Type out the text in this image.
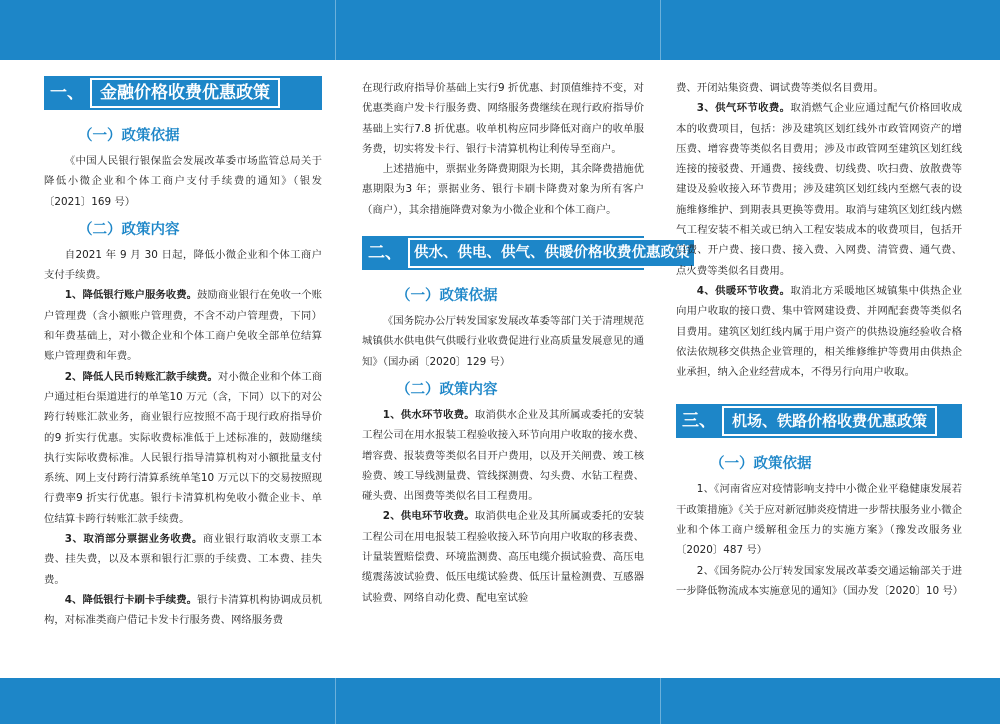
一、 金融价格收费优惠政策
（一）政策依据

《中国人民银行银保监会发展改革委市场监管总局关于降低小微企业和个体工商户支付手续费的通知》（银发〔2021〕169 号）

（二）政策内容

自2021 年 9 月 30 日起，降低小微企业和个体工商户支付手续费。

1、降低银行账户服务收费。鼓励商业银行在免收一个账户管理费（含小额账户管理费，不含不动户管理费，下同）和年费基础上，对小微企业和个体工商户免收全部单位结算账户管理费和年费。

2、降低人民币转账汇款手续费。对小微企业和个体工商户通过柜台渠道进行的单笔10 万元（含，下同）以下的对公跨行转账汇款业务，商业银行应按照不高于现行政府指导价的9 折实行优惠。实际收费标准低于上述标准的，鼓励继续执行实际收费标准。人民银行指导清算机构对小额批量支付系统、网上支付跨行清算系统单笔10 万元以下的交易按照现行费率9 折实行优惠。银行卡清算机构免收小微企业卡、单位结算卡跨行转账汇款手续费。

3、取消部分票据业务收费。商业银行取消收支票工本费、挂失费，以及本票和银行汇票的手续费、工本费、挂失费。

4、降低银行卡刷卡手续费。银行卡清算机构协调成员机构，对标准类商户借记卡发卡行服务费、网络服务费

在现行政府指导价基础上实行9 折优惠、封顶值维持不变，对优惠类商户发卡行服务费、网络服务费继续在现行政府指导价基础上实行7.8 折优惠。收单机构应同步降低对商户的收单服务费，切实将发卡行、银行卡清算机构让利传导至商户。

上述措施中，票据业务降费期限为长期，其余降费措施优惠期限为3 年；票据业务、银行卡刷卡降费对象为所有客户（商户），其余措施降费对象为小微企业和个体工商户。

二、 供水、供电、供气、供暖价格收费优惠政策
（一）政策依据

《国务院办公厅转发国家发展改革委等部门关于清理规范城镇供水供电供气供暖行业收费促进行业高质量发展意见的通知》（国办函〔2020〕129 号）

（二）政策内容

1、供水环节收费。取消供水企业及其所属或委托的安装工程公司在用水报装工程验收接入环节向用户收取的接水费、增容费、报装费等类似名目开户费用，以及开关闸费、竣工核验费、竣工导线测量费、管线探测费、勾头费、水钻工程费、碰头费、出图费等类似名目工程费用。

2、供电环节收费。取消供电企业及其所属或委托的安装工程公司在用电报装工程验收接入环节向用户收取的移表费、计量装置赔偿费、环境监测费、高压电缆介损试验费、高压电缆震荡波试验费、低压电缆试验费、低压计量检测费、互感器试验费、网络自动化费、配电室试验

费、开闭站集资费、调试费等类似名目费用。

3、供气环节收费。取消燃气企业应通过配气价格回收成本的收费项目，包括：涉及建筑区划红线外市政管网资产的增压费、增容费等类似名目费用；涉及市政管网至建筑区划红线连接的接驳费、开通费、接线费、切线费、吹扫费、放散费等建设及验收接入环节费用；涉及建筑区划红线内至燃气表的设施维修维护、到期表具更换等费用。取消与建筑区划红线内燃气工程安装不相关或已纳入工程安装成本的收费项目，包括开口费、开户费、接口费、接入费、入网费、清管费、通气费、点火费等类似名目费用。

4、供暖环节收费。取消北方采暖地区城镇集中供热企业向用户收取的接口费、集中管网建设费、并网配套费等类似名目费用。建筑区划红线内属于用户资产的供热设施经验收合格依法依规移交供热企业管理的，相关维修维护等费用由供热企业承担，纳入企业经营成本，不得另行向用户收取。

三、 机场、铁路价格收费优惠政策
（一）政策依据

1、《河南省应对疫情影响支持中小微企业平稳健康发展若干政策措施》《关于应对新冠肺炎疫情进一步帮扶服务业小微企业和个体工商户缓解租金压力的实施方案》（豫发改服务业〔2020〕487 号）

2、《国务院办公厅转发国家发展改革委交通运输部关于进一步降低物流成本实施意见的通知》（国办发〔2020〕10 号）
